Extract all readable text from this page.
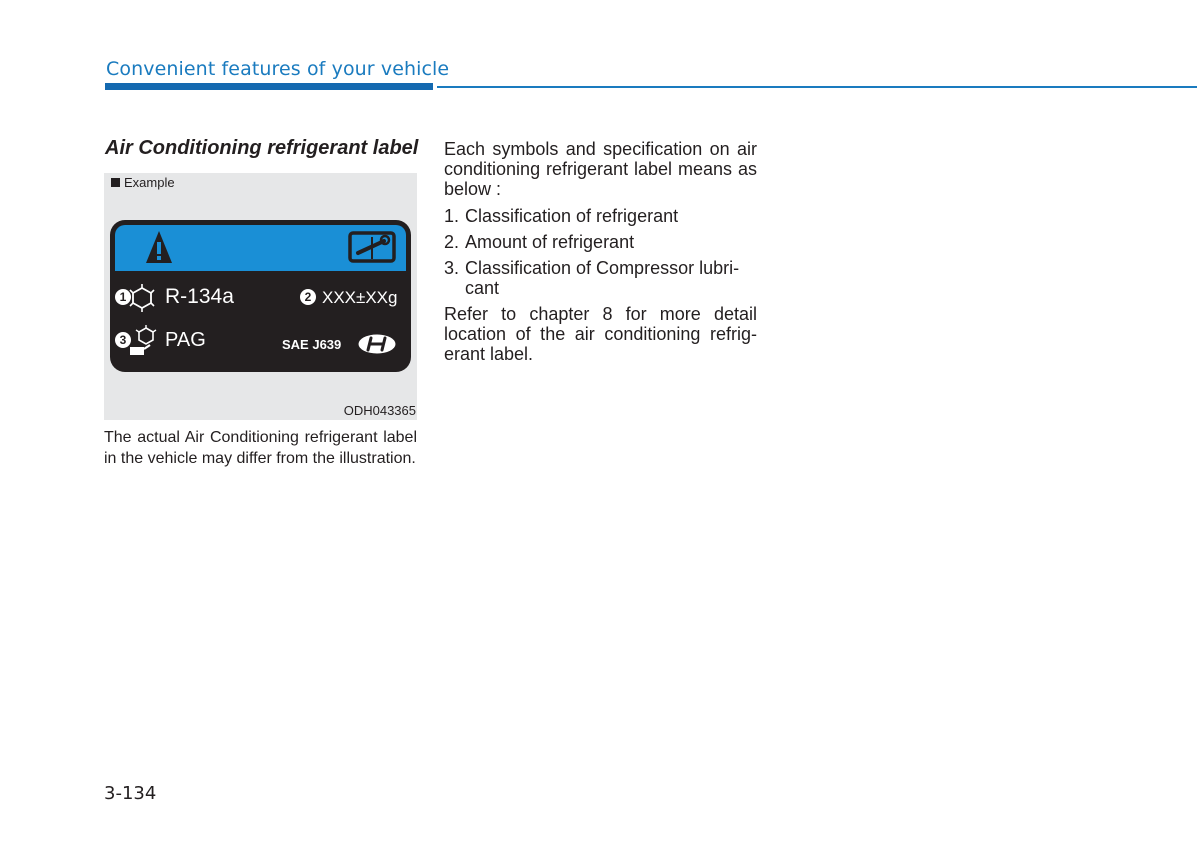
Convenient features of your vehicle
Air Conditioning refrigerant label
Example
1 R-134a	2 XXX±XXg
3 PAG	SAE J639
ODH043365
The actual Air Conditioning refrigerant label in the vehicle may differ from the illustration.

Each symbols and specification on air conditioning refrigerant label means as below :

1. Classification of refrigerant
2. Amount of refrigerant
3. Classification of Compressor lubri-cant

Refer to chapter 8 for more detail location of the air conditioning refrig-erant label.

3-134
